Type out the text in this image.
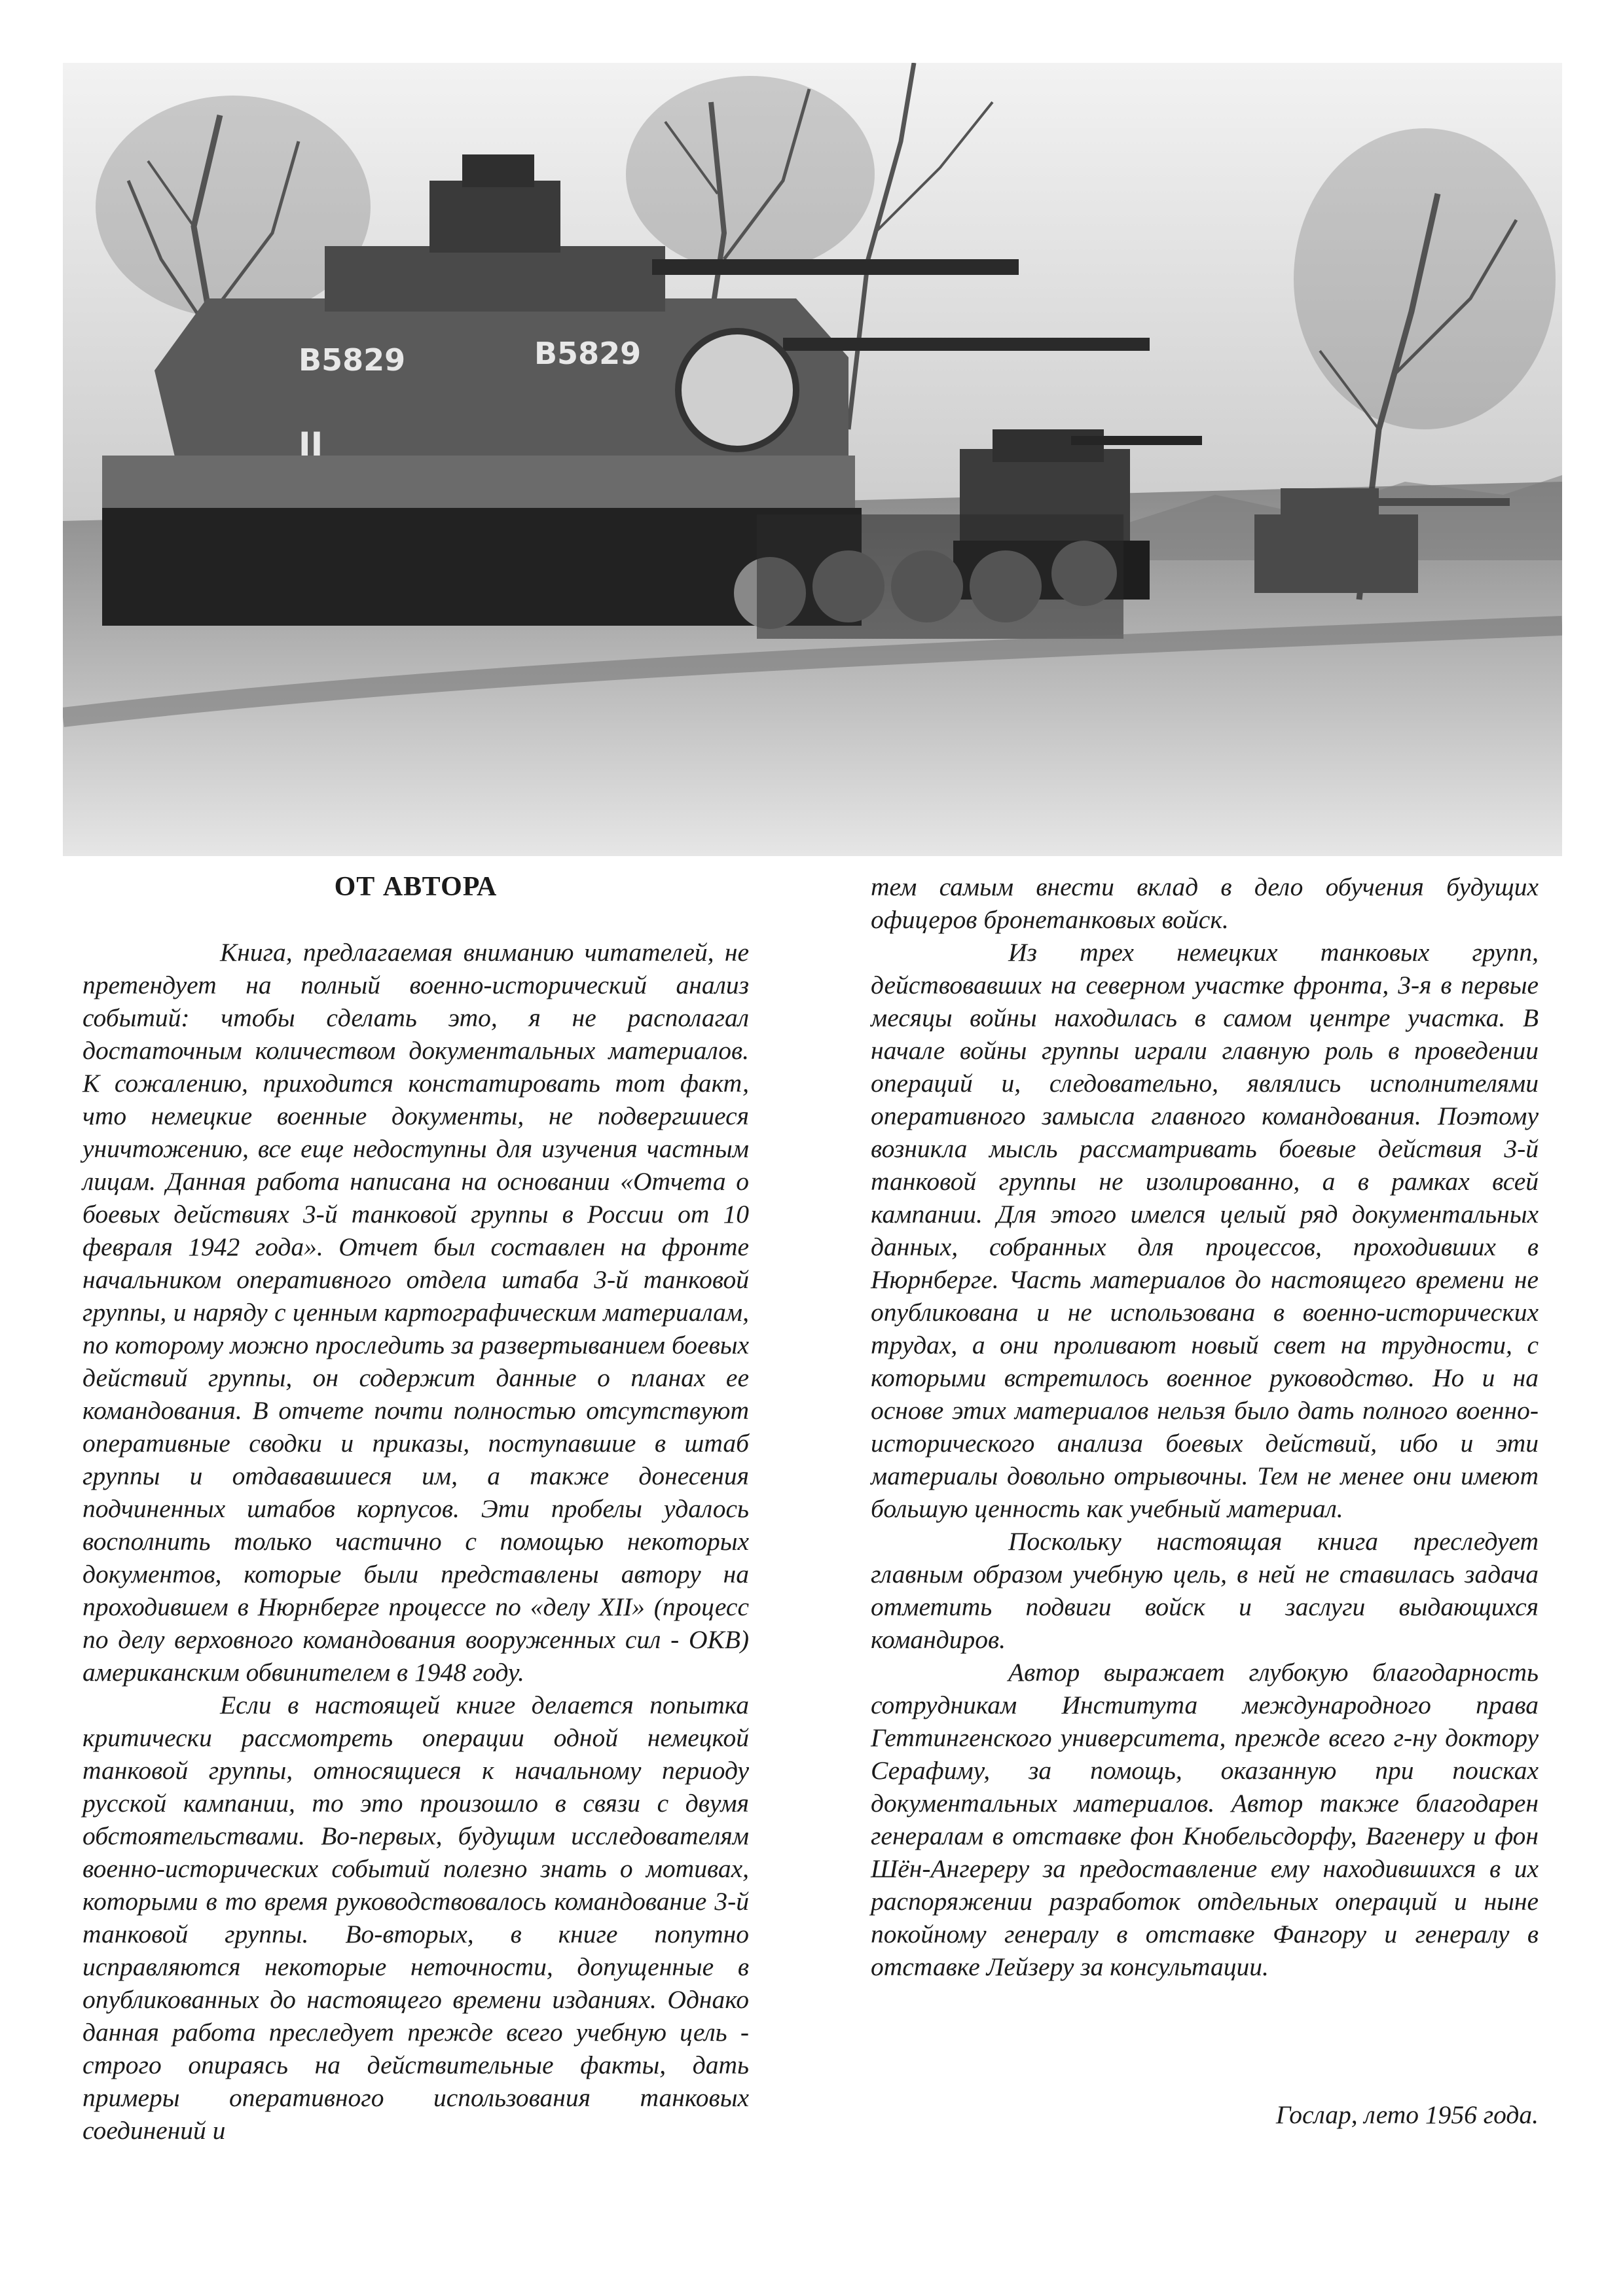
B5829	B5829
II
ОТ АВТОРА

Книга, предлагаемая вниманию читателей, не претендует на полный военно-исторический анализ событий: чтобы сделать это, я не располагал достаточным количеством документальных материалов. К сожалению, приходится констатировать тот факт, что немецкие военные документы, не подвергшиеся уничтожению, все еще недоступны для изучения частным лицам. Данная работа написана на основании «Отчета о боевых действиях 3-й танковой группы в России от 10 февраля 1942 года». Отчет был составлен на фронте начальником оперативного отдела штаба 3-й танковой группы, и наряду с ценным картографическим материалам, по которому можно проследить за развертыванием боевых действий группы, он содержит данные о планах ее командования. В отчете почти полностью отсутствуют оперативные сводки и приказы, поступавшие в штаб группы и отдававшиеся им, а также донесения подчиненных штабов корпусов. Эти пробелы удалось восполнить только частично с помощью некоторых документов, которые были представлены автору на проходившем в Нюрнберге процессе по «делу XII» (процесс по делу верховного командования вооруженных сил - ОКВ) американским обвинителем в 1948 году.

Если в настоящей книге делается попытка критически рассмотреть операции одной немецкой танковой группы, относящиеся к начальному периоду русской кампании, то это произошло в связи с двумя обстоятельствами. Во-первых, будущим исследователям военно-исторических событий полезно знать о мотивах, которыми в то время руководствовалось командование 3-й танковой группы. Во-вторых, в книге попутно исправляются некоторые неточности, допущенные в опубликованных до настоящего времени изданиях. Однако данная работа преследует прежде всего учебную цель - строго опираясь на действительные факты, дать примеры оперативного использования танковых соединений и

тем самым внести вклад в дело обучения будущих офицеров бронетанковых войск.

Из трех немецких танковых групп, действовавших на северном участке фронта, 3-я в первые месяцы войны находилась в самом центре участка. В начале войны группы играли главную роль в проведении операций и, следовательно, являлись исполнителями оперативного замысла главного командования. Поэтому возникла мысль рассматривать боевые действия 3-й танковой группы не изолированно, а в рамках всей кампании. Для этого имелся целый ряд документальных данных, собранных для процессов, проходивших в Нюрнберге. Часть материалов до настоящего времени не опубликована и не использована в военно-исторических трудах, а они проливают новый свет на трудности, с которыми встретилось военное руководство. Но и на основе этих материалов нельзя было дать полного военно-исторического анализа боевых действий, ибо и эти материалы довольно отрывочны. Тем не менее они имеют большую ценность как учебный материал.

Поскольку настоящая книга преследует главным образом учебную цель, в ней не ставилась задача отметить подвиги войск и заслуги выдающихся командиров.

Автор выражает глубокую благодарность сотрудникам Института международного права Геттингенского университета, прежде всего г-ну доктору Серафиму, за помощь, оказанную при поисках документальных материалов. Автор также благодарен генералам в отставке фон Кнобельсдорфу, Вагенеру и фон Шён-Ангереру за предоставление ему находившихся в их распоряжении разработок отдельных операций и ныне покойному генералу в отставке Фангору и генералу в отставке Лейзеру за консультации.

Гослар, лето 1956 года.
